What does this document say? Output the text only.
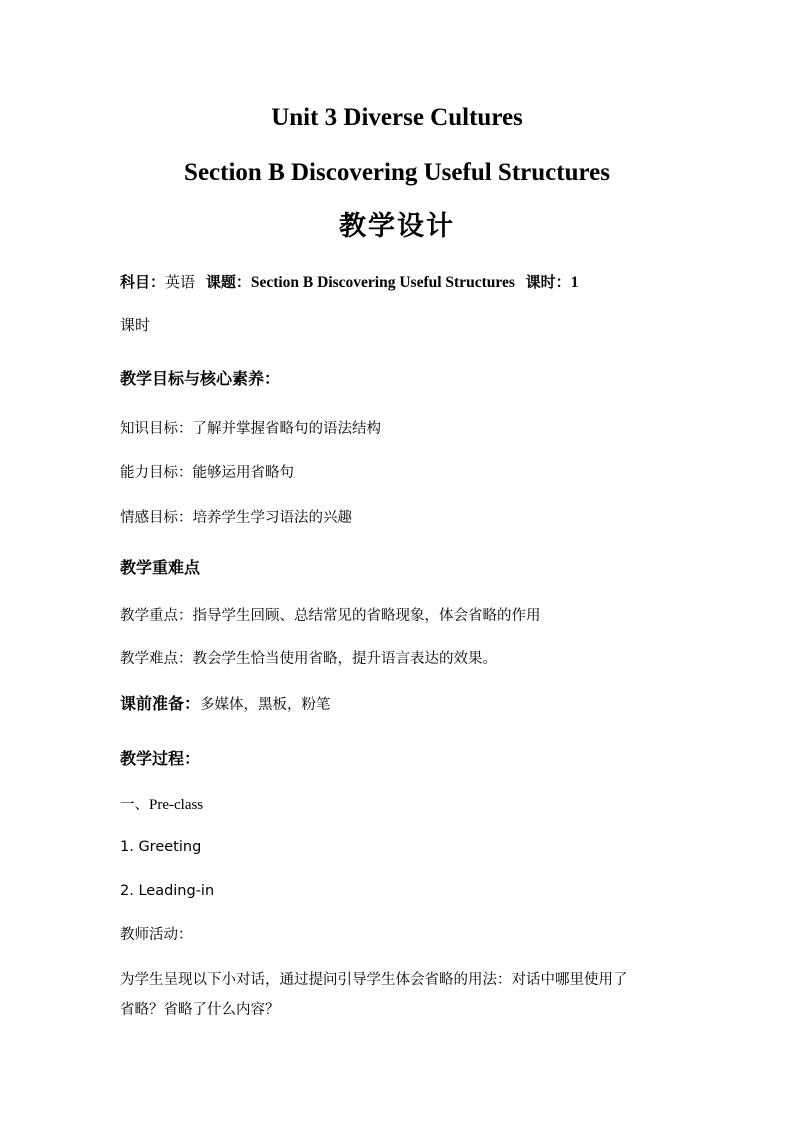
Unit 3 Diverse Cultures
Section B Discovering Useful Structures
教学设计
科目：英语 课题：Section B Discovering Useful Structures 课时：1
课时
教学目标与核心素养：
知识目标：了解并掌握省略句的语法结构
能力目标：能够运用省略句
情感目标：培养学生学习语法的兴趣
教学重难点
教学重点：指导学生回顾、总结常见的省略现象，体会省略的作用
教学难点：教会学生恰当使用省略，提升语言表达的效果。
课前准备：多媒体，黑板，粉笔
教学过程：
一、Pre-class
1. Greeting
2. Leading-in
教师活动：
为学生呈现以下小对话，通过提问引导学生体会省略的用法：对话中哪里使用了
省略？省略了什么内容？
